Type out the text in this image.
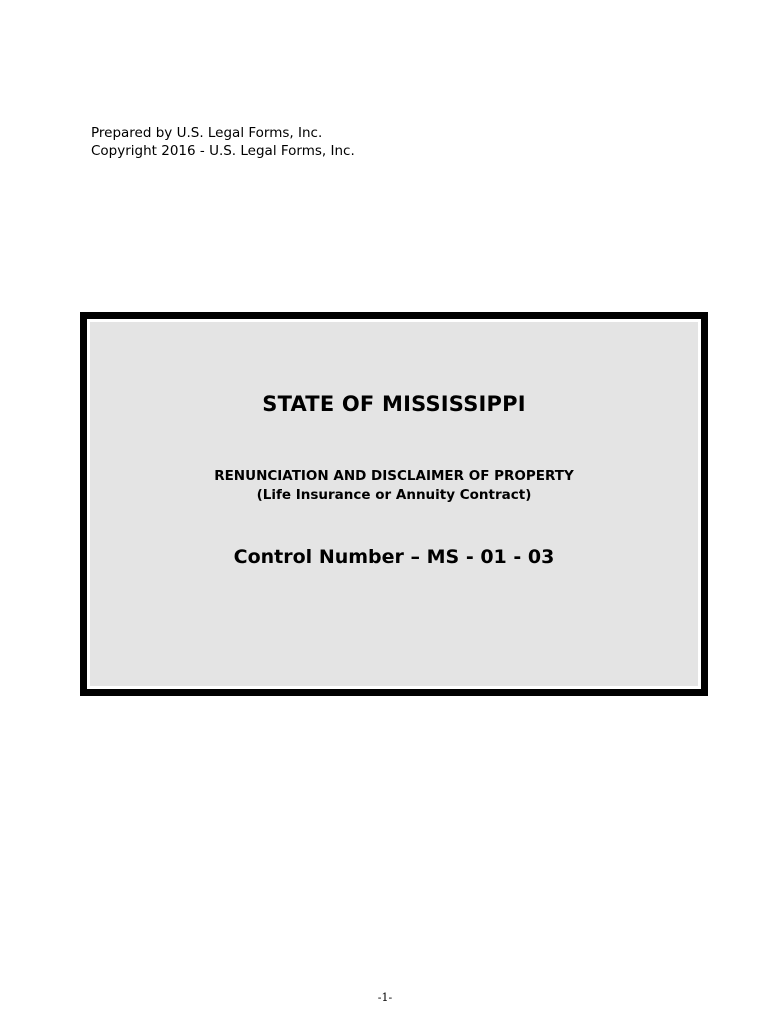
Prepared by U.S. Legal Forms, Inc.
Copyright 2016 - U.S. Legal Forms, Inc.
STATE OF MISSISSIPPI
RENUNCIATION AND DISCLAIMER OF PROPERTY
(Life Insurance or Annuity Contract)
Control Number – MS - 01 - 03
-1-
